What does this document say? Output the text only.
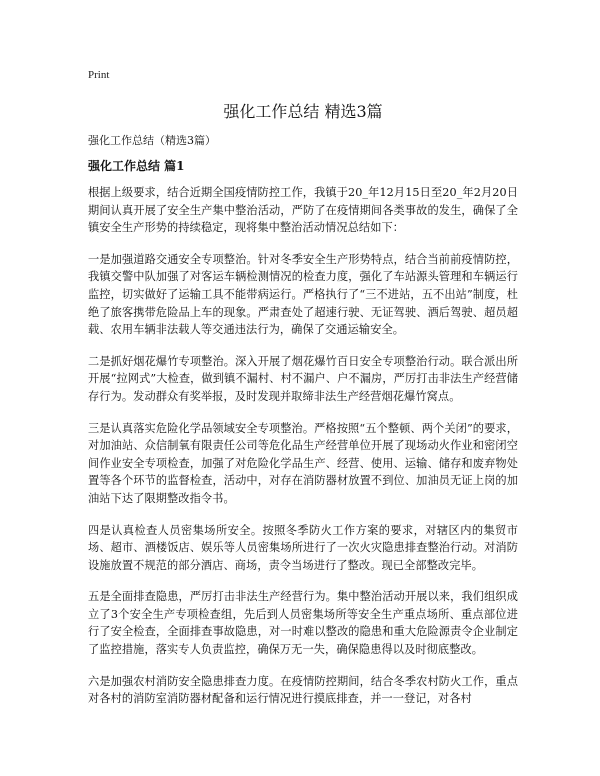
Print
强化工作总结 精选3篇
强化工作总结（精选3篇）
强化工作总结 篇1

根据上级要求，结合近期全国疫情防控工作，我镇于20_年12月15日至20_年2月20日期间认真开展了安全生产集中整治活动，严防了在疫情期间各类事故的发生，确保了全镇安全生产形势的持续稳定，现将集中整治活动情况总结如下：

一是加强道路交通安全专项整治。针对冬季安全生产形势特点，结合当前前疫情防控，我镇交警中队加强了对客运车辆检测情况的检查力度，强化了车站源头管理和车辆运行监控，切实做好了运输工具不能带病运行。严格执行了“三不进站，五不出站”制度，杜绝了旅客携带危险品上车的现象。严肃查处了超速行驶、无证驾驶、酒后驾驶、超员超载、农用车辆非法载人等交通违法行为，确保了交通运输安全。

二是抓好烟花爆竹专项整治。深入开展了烟花爆竹百日安全专项整治行动。联合派出所开展“拉网式”大检查，做到镇不漏村、村不漏户、户不漏房，严厉打击非法生产经营储存行为。发动群众有奖举报，及时发现并取缔非法生产经营烟花爆竹窝点。

三是认真落实危险化学品领域安全专项整治。严格按照“五个整顿、两个关闭”的要求，对加油站、众信制氧有限责任公司等危化品生产经营单位开展了现场动火作业和密闭空间作业安全专项检查，加强了对危险化学品生产、经营、使用、运输、储存和废弃物处置等各个环节的监督检查，活动中，对存在消防器材放置不到位、加油员无证上岗的加油站下达了限期整改指令书。

四是认真检查人员密集场所安全。按照冬季防火工作方案的要求，对辖区内的集贸市场、超市、酒楼饭店、娱乐等人员密集场所进行了一次火灾隐患排查整治行动。对消防设施放置不规范的部分酒店、商场，责令当场进行了整改。现已全部整改完毕。

五是全面排查隐患，严厉打击非法生产经营行为。集中整治活动开展以来，我们组织成立了3个安全生产专项检查组，先后到人员密集场所等安全生产重点场所、重点部位进行了安全检查，全面排查事故隐患，对一时难以整改的隐患和重大危险源责令企业制定了监控措施，落实专人负责监控，确保万无一失，确保隐患得以及时彻底整改。

六是加强农村消防安全隐患排查力度。在疫情防控期间，结合冬季农村防火工作，重点对各村的消防室消防器材配备和运行情况进行摸底排查，并一一登记，对各村
